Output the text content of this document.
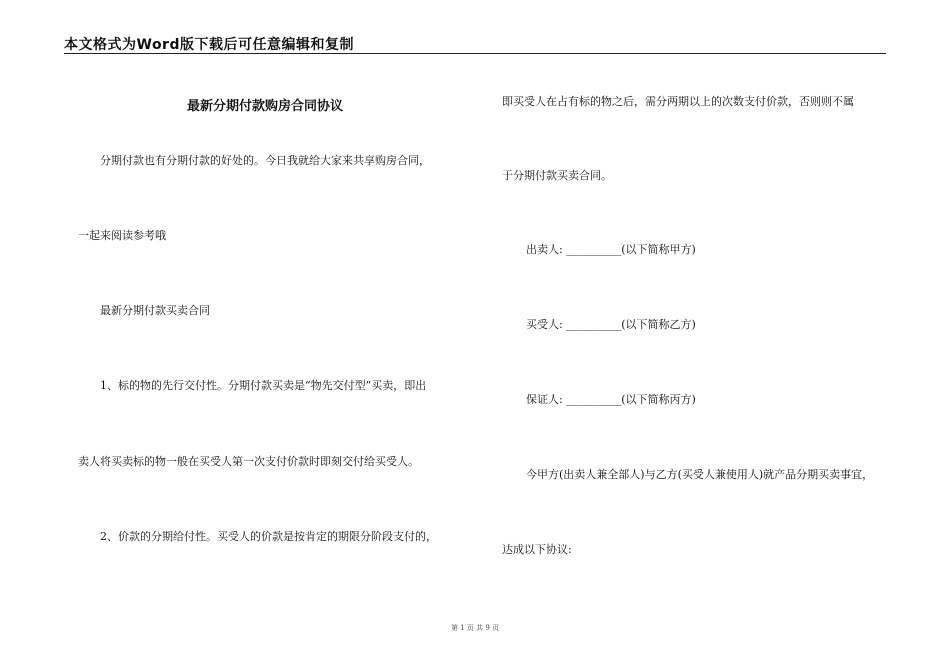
本文格式为Word版下载后可任意编辑和复制
最新分期付款购房合同协议
分期付款也有分期付款的好处的。今日我就给大家来共享购房合同，
一起来阅读参考哦
最新分期付款买卖合同
1、标的物的先行交付性。分期付款买卖是“物先交付型”买卖，即出
卖人将买卖标的物一般在买受人第一次支付价款时即刻交付给买受人。
2、价款的分期给付性。买受人的价款是按肯定的期限分阶段支付的，
即买受人在占有标的物之后，需分两期以上的次数支付价款，否则则不属
于分期付款买卖合同。
出卖人: __________(以下简称甲方)
买受人: __________(以下简称乙方)
保证人: __________(以下简称丙方)
今甲方(出卖人兼全部人)与乙方(买受人兼使用人)就产品分期买卖事宜，
达成以下协议:
第 1 页 共 9 页
